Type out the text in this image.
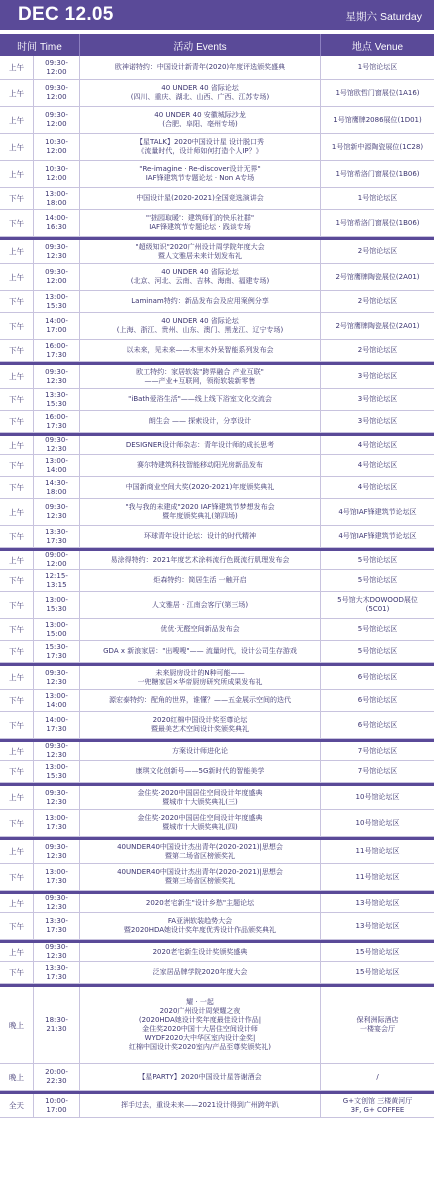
DEC 12.05	星期六 Saturday
时间 Time	活动 Events	地点 Venue
上午
09:30-12:00
欧神诺特约：中国设计新青年(2020)年度评选颁奖盛典	1号馆论坛区
上午
09:30-12:00
40 UNDER 40 省际论坛
(四川、重庆、湖北、山西、广西、江苏专场)
1号馆欧哲门窗展位(1A16)
上午
09:30-12:00
40 UNDER 40 安徽城际沙龙
(合肥、阜阳、亳州专场)
1号馆鹰牌2086展位(1D01)
上午
10:30-12:00
【星TALK】2020中国设计星 设计脱口秀
《流量时代，设计师如何打造个人IP？》
1号馆新中源陶瓷展位(1C28)
上午
10:30-12:00
"Re-imagine · Re-discover设计无界"
IAF锋建筑节专题论坛 · Non A专场
1号馆希洛门窗展位(1B06)
下午
13:00-18:00
中国设计星(2020-2021)全国竞选演讲会	1号馆论坛区
下午
14:00-16:30
"'拙园取暖'：建筑师们的快乐社群"
IAF锋建筑节专题论坛 · 践谈专场
1号馆希洛门窗展位(1B06)
上午
09:30-12:30
"超级知识"2020广州设计周学院年度大会
暨人文雅居未来计划发布礼
2号馆论坛区
上午
09:30-12:00
40 UNDER 40 省际论坛
(北京、河北、云南、吉林、海南、福建专场)
2号馆鹰牌陶瓷展位(2A01)
下午
13:00-15:30
Laminam特约：新品发布会及应用案例分享	2号馆论坛区
下午
14:00-17:00
40 UNDER 40 省际论坛
(上海、浙江、贵州、山东、澳门、黑龙江、辽宁专场)
2号馆鹰牌陶瓷展位(2A01)
下午
16:00-17:30
以未来，见未来——木里木外呆智能系列发布会	2号馆论坛区
上午
09:30-12:30
欧工特约：家居软装"跨界融合 产业互联"
——产业+互联网，领衔软装新零售
3号馆论坛区
下午
13:30-15:30
"iBath爱浴生活"——线上线下浴室文化交流会	3号馆论坛区
下午
16:00-17:30
朗生会 —— 探索设计，分享设计	3号馆论坛区
上午
09:30-12:30
DESIGNER设计师杂志：青年设计师的成长思考	4号馆论坛区
下午
13:00-14:00
赛尔特建筑科技智能移动阳光房新品发布	4号馆论坛区
下午
14:30-18:00
中国新商业空间大奖(2020-2021)年度颁奖典礼	4号馆论坛区
上午
09:30-12:30
"我与我的未建成"2020 IAF锋建筑节梦想发布会
暨年度颁奖典礼(第四场)
4号馆IAF锋建筑节论坛区
下午
13:30-17:30
环球青年设计论坛：设计的时代精神	4号馆IAF锋建筑节论坛区
上午
09:00-12:00
易涂得特约：2021年度艺术涂料流行色既流行肌理发布会	5号馆论坛区
下午
12:15-13:15
炬森特约：简居生活 一触开启	5号馆论坛区
下午
13:00-15:30
人文雅居 · 江南会客厅(第三场)
5号馆大木DOWOOD展位
(5C01)
下午
13:00-15:00
优优·无醛空间新品发布会	5号馆论坛区
下午
15:30-17:30
GDA x 新浪家居："出嗖嗖"—— 流量时代，设计公司生存游戏	5号馆论坛区
上午
09:30-12:30
未来厨房设计的N种可能——
一兜糖家居×华帝厨房研究所成果发布礼
6号馆论坛区
下午
13:00-14:00
源宏泰特约：配角的世界，谁懂？——五金展示空间的迭代	6号馆论坛区
下午
14:00-17:30
2020红棉中国设计奖至尊论坛
暨最美艺术空间设计奖颁奖典礼
6号馆论坛区
上午
09:30-12:30
方案设计师进化论	7号馆论坛区
下午
13:00-15:30
康琪文化创新号——5G新时代的智能美学	7号馆论坛区
上午
09:30-12:30
金住奖·2020中国居住空间设计年度盛典
暨城市十大颁奖典礼(三)
10号馆论坛区
下午
13:00-17:30
金住奖·2020中国居住空间设计年度盛典
暨城市十大颁奖典礼(四)
10号馆论坛区
上午
09:30-12:30
40UNDER40中国设计杰出青年(2020-2021)|思想会
暨第二场省区榜颁奖礼
11号馆论坛区
下午
13:00-17:30
40UNDER40中国设计杰出青年(2020-2021)|思想会
暨第三场省区榜颁奖礼
11号馆论坛区
上午
09:30-12:30
2020老宅新生"设计乡愁"主题论坛	13号馆论坛区
下午
13:30-17:30
FA亚洲软装趋势大会
暨2020HDA她设计奖年度优秀设计作品颁奖典礼
13号馆论坛区
上午
09:30-12:30
2020老宅新生设计奖颁奖盛典	15号馆论坛区
下午
13:30-17:30
泛家居品牌学院2020年度大会	15号馆论坛区
晚上
18:30-21:30
耀 · 一起
2020广州设计周荣耀之夜
(2020HDA她设计奖年度最佳设计作品|
金住奖2020中国十大居住空间设计师
WYDF2020大中华区室内设计金奖|
红棉中国设计奖2020室内/产品至尊奖颁奖礼)
保利洲际酒店
一楼宴会厅
晚上
20:00-22:30
【星PARTY】2020中国设计星答谢酒会	/
全天
10:00-17:00
挥手过去，重设未来——2021设计得到广州跨年趴
G+文创馆 三楼黄河厅
3F, G+ COFFEE
